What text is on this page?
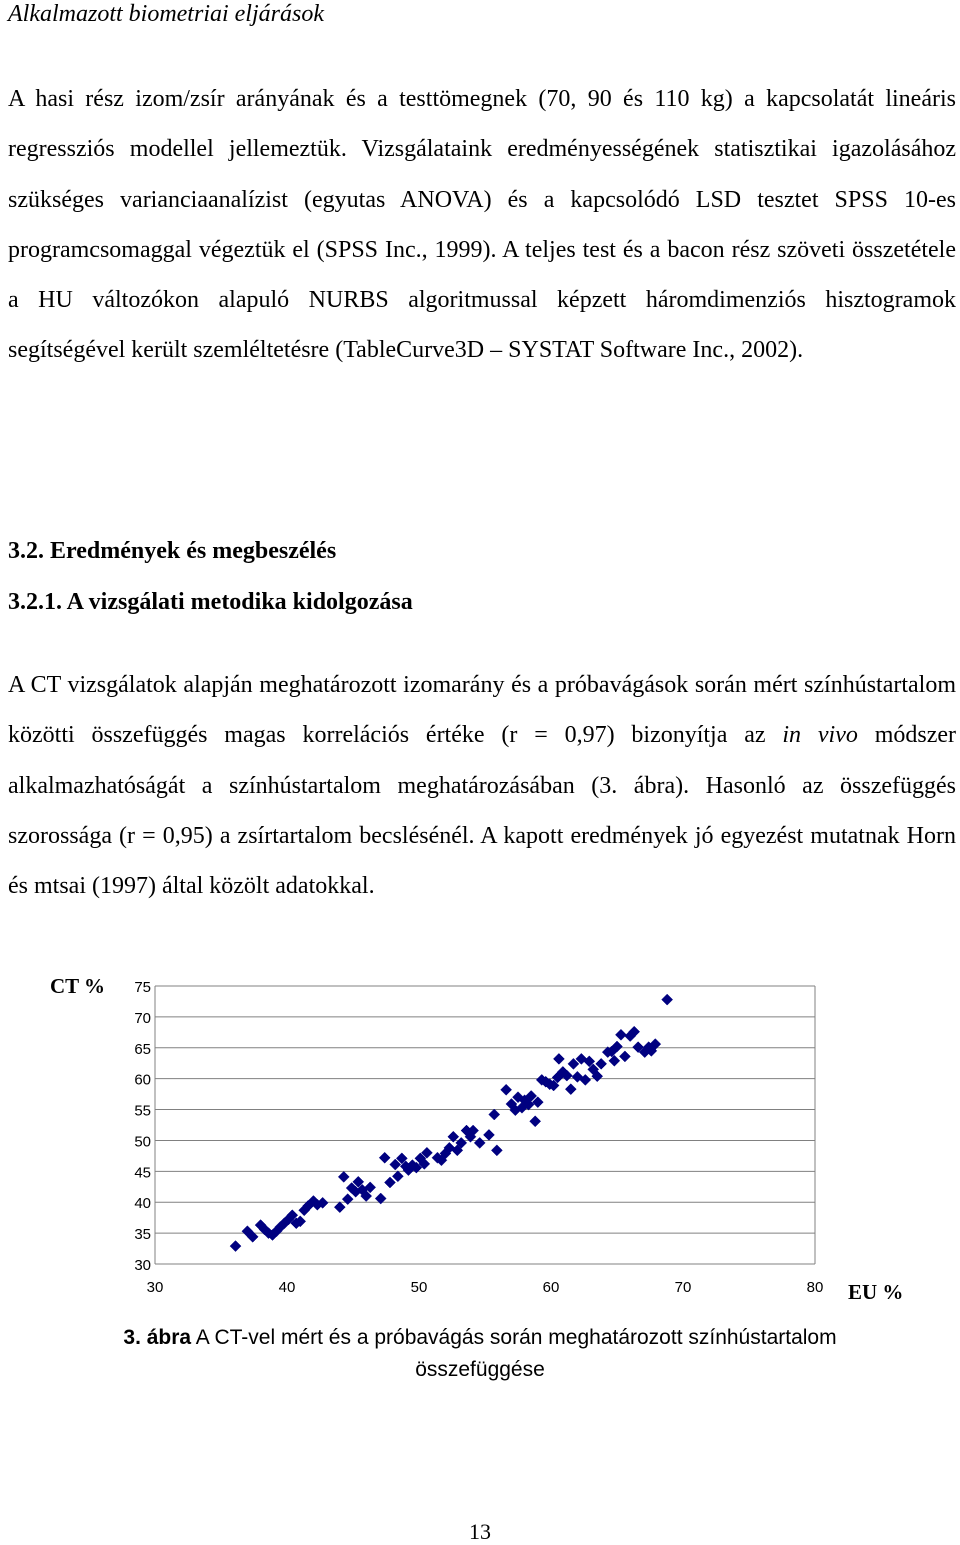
Alkalmazott biometriai eljárások

A hasi rész izom/zsír arányának és a testtömegnek (70, 90 és 110 kg) a kapcsolatát lineáris regressziós modellel jellemeztük. Vizsgálataink eredményességének statisztikai igazolásához szükséges varianciaanalízist (egyutas ANOVA) és a kapcsolódó LSD tesztet SPSS 10-es programcsomaggal végeztük el (SPSS Inc., 1999). A teljes test és a bacon rész szöveti összetétele a HU változókon alapuló NURBS algoritmussal képzett háromdimenziós hisztogramok segítségével került szemléltetésre (TableCurve3D – SYSTAT Software Inc., 2002).

3.2. Eredmények és megbeszélés
3.2.1. A vizsgálati metodika kidolgozása

A CT vizsgálatok alapján meghatározott izomarány és a próbavágások során mért színhústartalom közötti összefüggés magas korrelációs értéke (r = 0,97) bizonyítja az in vivo módszer alkalmazhatóságát a színhústartalom meghatározásában (3. ábra). Hasonló az összefüggés szorossága (r = 0,95) a zsírtartalom becslésénél. A kapott eredmények jó egyezést mutatnak Horn és mtsai (1997) által közölt adatokkal.

CT %
EU %
75
70
65
60
55
50
45
40
35
30
30	40	50	60	70	80
3. ábra A CT-vel mért és a próbavágás során meghatározott színhústartalom összefüggése
13
